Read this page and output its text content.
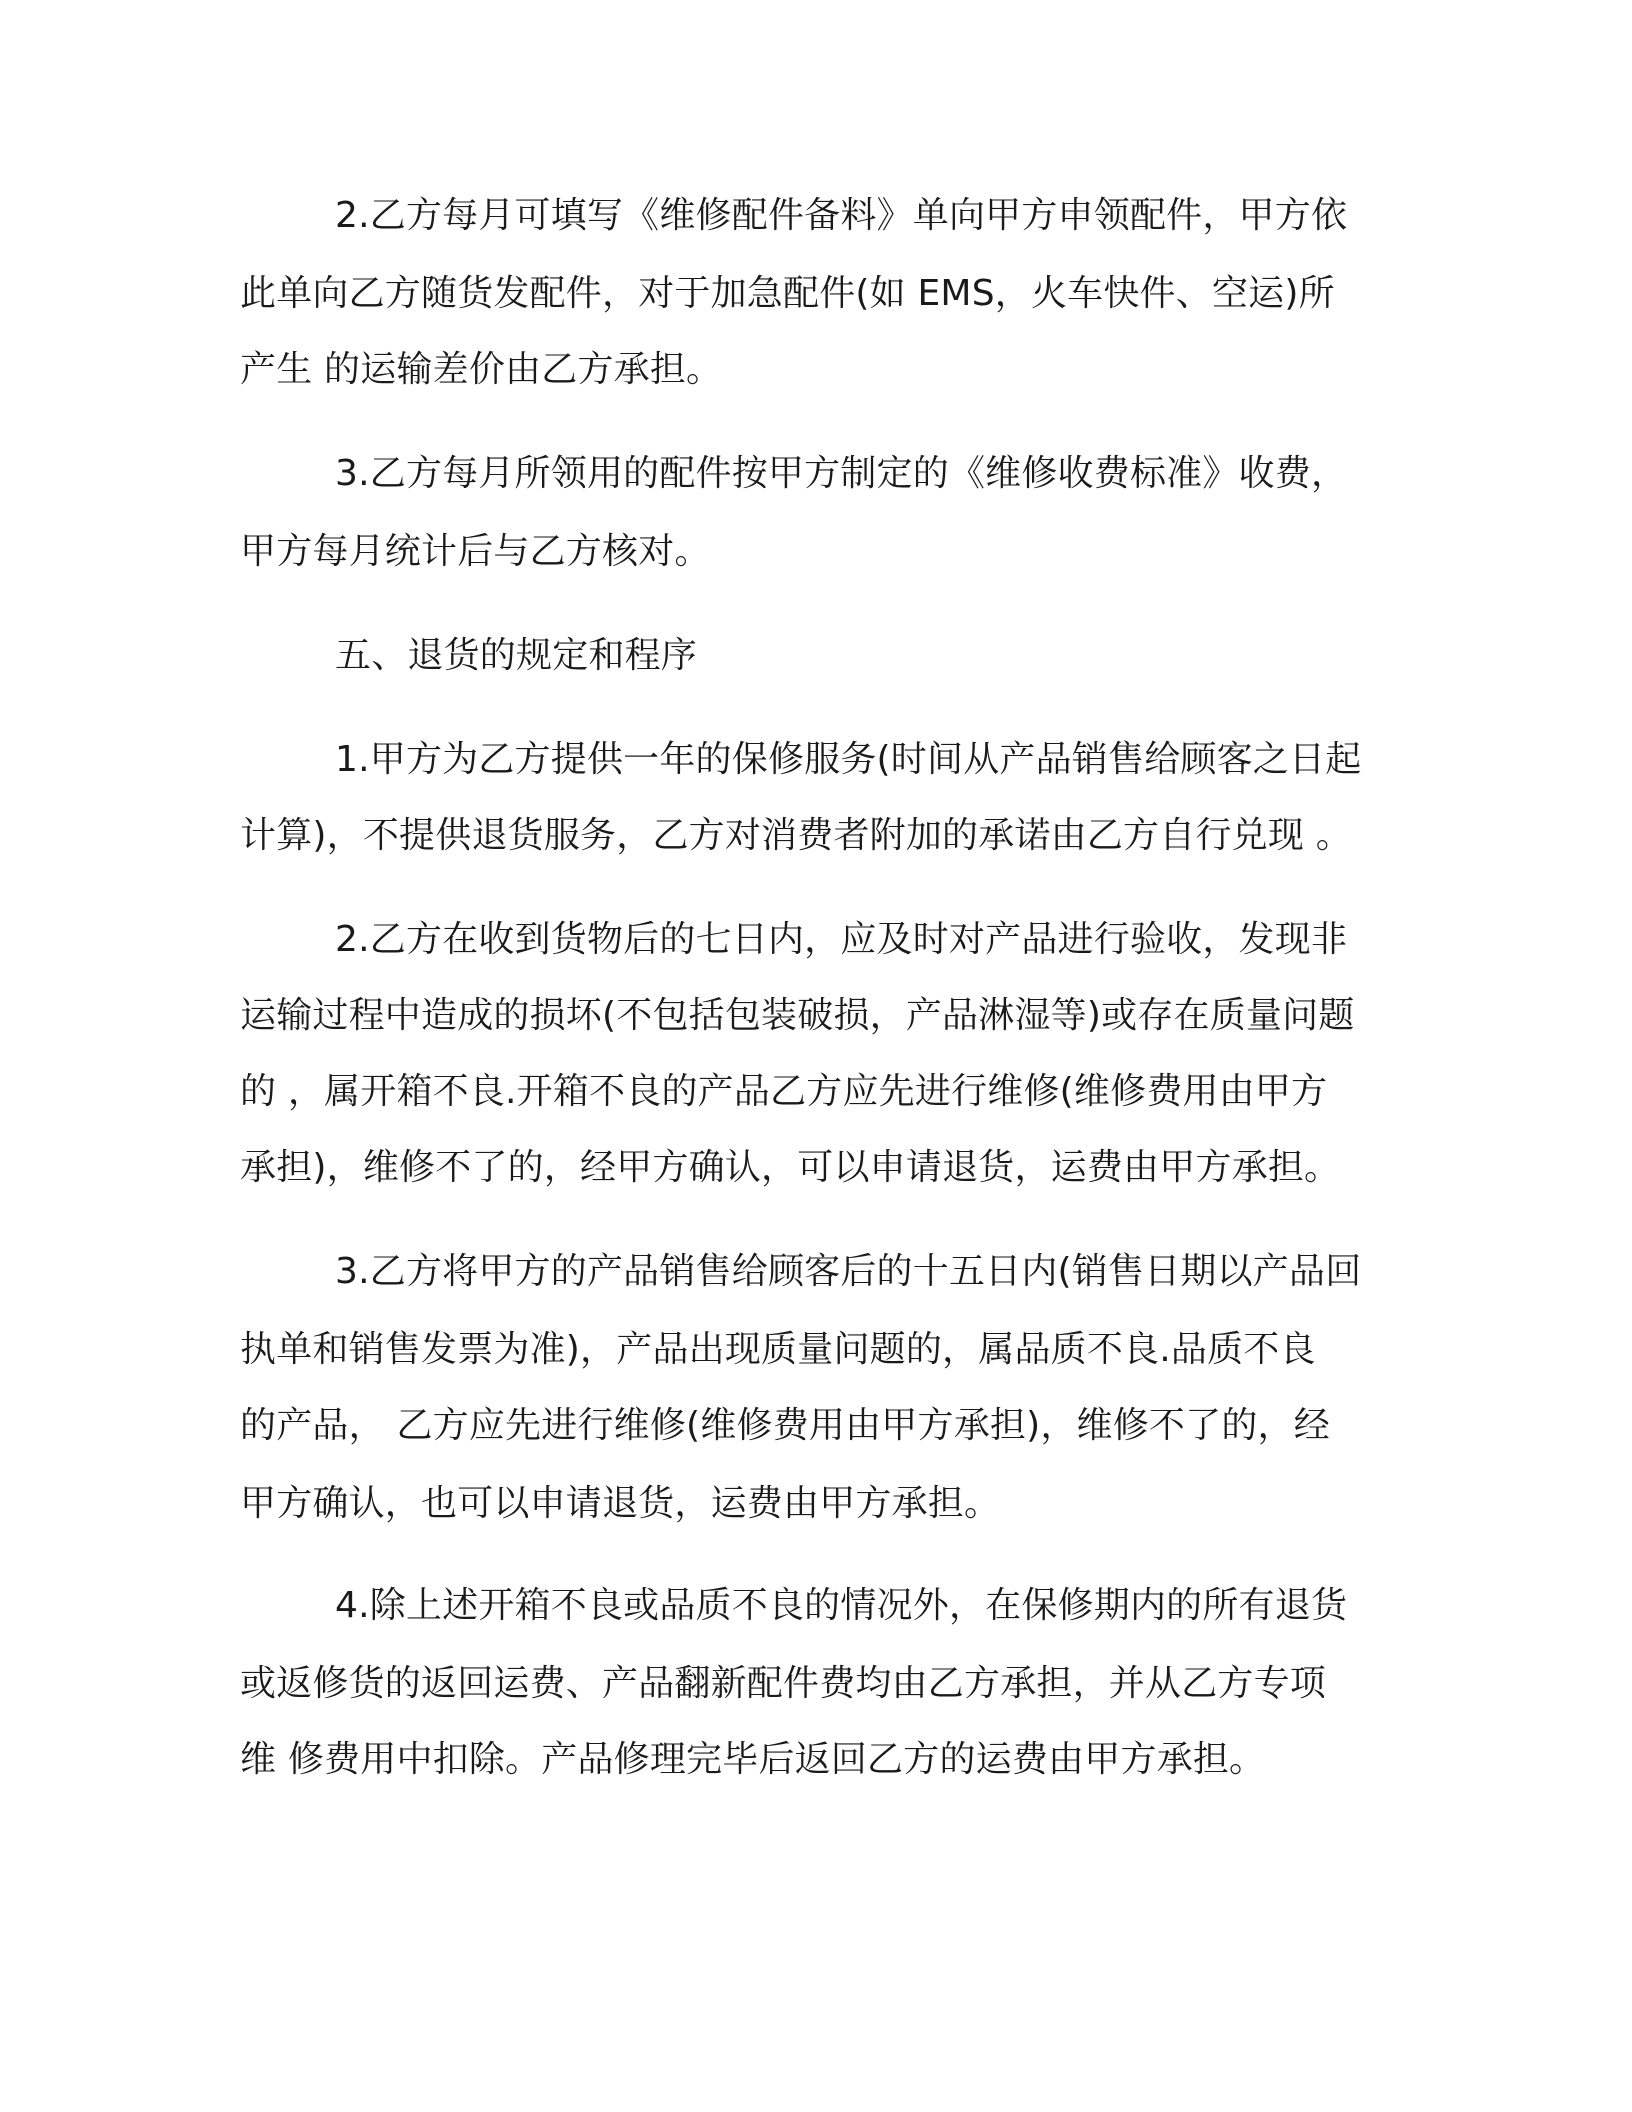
2.乙方每月可填写《维修配件备料》单向甲方申领配件，甲方依

此单向乙方随货发配件，对于加急配件(如 EMS，火车快件、空运)所

产生 的运输差价由乙方承担。

3.乙方每月所领用的配件按甲方制定的《维修收费标准》收费，

甲方每月统计后与乙方核对。

五、退货的规定和程序

1.甲方为乙方提供一年的保修服务(时间从产品销售给顾客之日起

计算)，不提供退货服务，乙方对消费者附加的承诺由乙方自行兑现 。

2.乙方在收到货物后的七日内，应及时对产品进行验收，发现非

运输过程中造成的损坏(不包括包装破损，产品淋湿等)或存在质量问题

的 ，属开箱不良.开箱不良的产品乙方应先进行维修(维修费用由甲方

承担)，维修不了的，经甲方确认，可以申请退货，运费由甲方承担。

3.乙方将甲方的产品销售给顾客后的十五日内(销售日期以产品回

执单和销售发票为准)，产品出现质量问题的，属品质不良.品质不良

的产品， 乙方应先进行维修(维修费用由甲方承担)，维修不了的，经

甲方确认，也可以申请退货，运费由甲方承担。

4.除上述开箱不良或品质不良的情况外，在保修期内的所有退货

或返修货的返回运费、产品翻新配件费均由乙方承担，并从乙方专项

维 修费用中扣除。产品修理完毕后返回乙方的运费由甲方承担。
